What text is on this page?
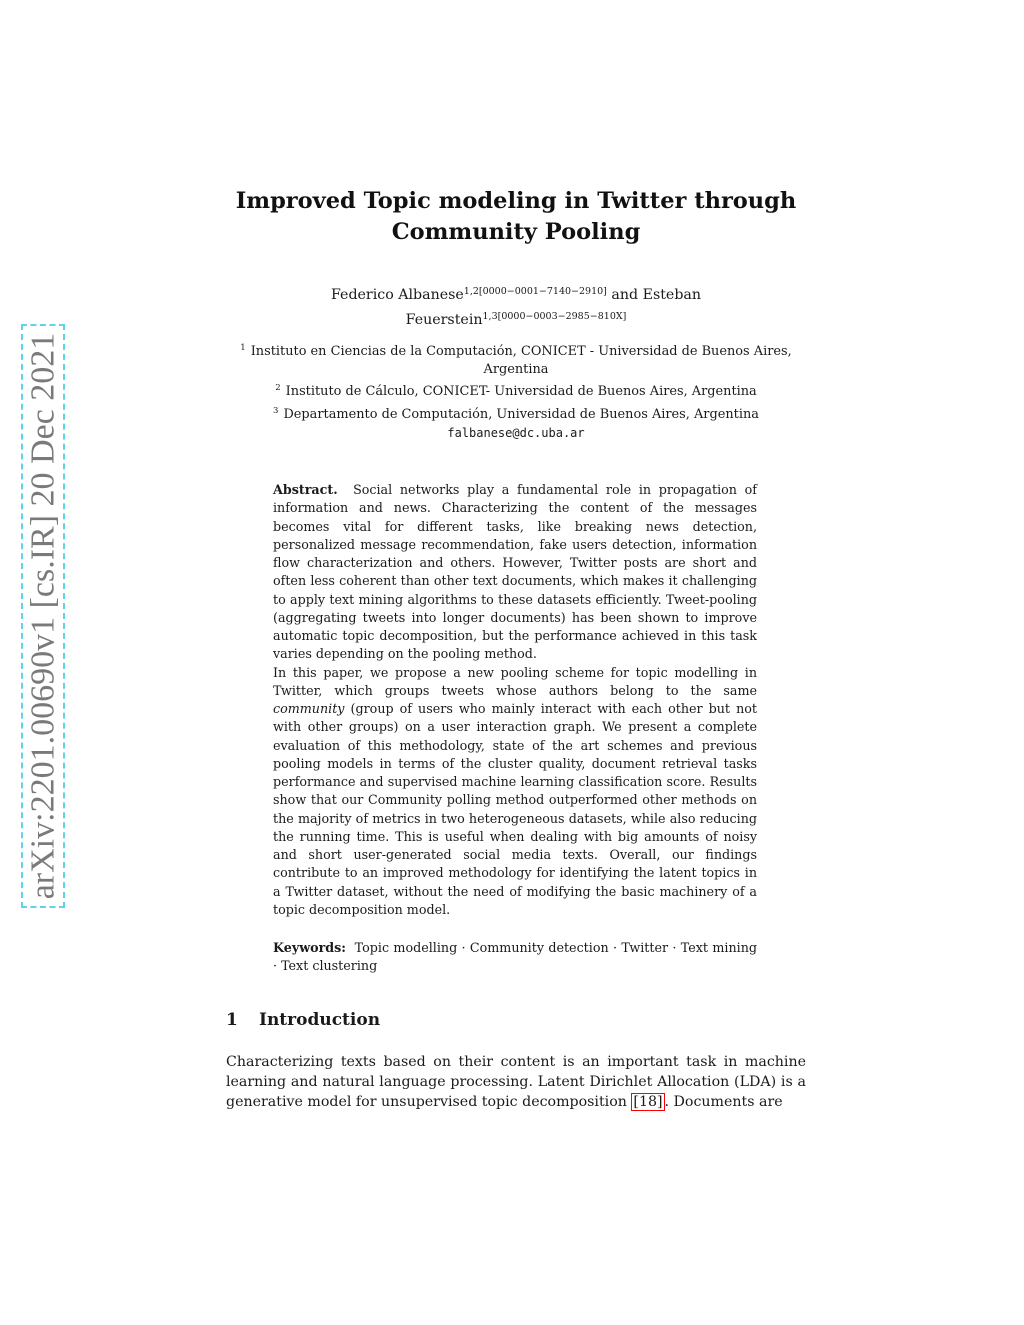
arXiv:2201.00690v1 [cs.IR] 20 Dec 2021
Improved Topic modeling in Twitter through Community Pooling
Federico Albanese$^{1,2[0000-0001-7140-2910]}$ and Esteban
Feuerstein$^{1,3[0000-0003-2985-810X]}$
$^1$ Instituto en Ciencias de la Computación, CONICET - Universidad de Buenos Aires, Argentina
$^2$ Instituto de Cálculo, CONICET- Universidad de Buenos Aires, Argentina
$^3$ Departamento de Computación, Universidad de Buenos Aires, Argentina
falbanese@dc.uba.ar

Abstract. Social networks play a fundamental role in propagation of information and news. Characterizing the content of the messages becomes vital for different tasks, like breaking news detection, personalized message recommendation, fake users detection, information flow characterization and others. However, Twitter posts are short and often less coherent than other text documents, which makes it challenging to apply text mining algorithms to these datasets efficiently. Tweet-pooling (aggregating tweets into longer documents) has been shown to improve automatic topic decomposition, but the performance achieved in this task varies depending on the pooling method.

In this paper, we propose a new pooling scheme for topic modelling in Twitter, which groups tweets whose authors belong to the same community (group of users who mainly interact with each other but not with other groups) on a user interaction graph. We present a complete evaluation of this methodology, state of the art schemes and previous pooling models in terms of the cluster quality, document retrieval tasks performance and supervised machine learning classification score. Results show that our Community polling method outperformed other methods on the majority of metrics in two heterogeneous datasets, while also reducing the running time. This is useful when dealing with big amounts of noisy and short user-generated social media texts. Overall, our findings contribute to an improved methodology for identifying the latent topics in a Twitter dataset, without the need of modifying the basic machinery of a topic decomposition model.

Keywords: Topic modelling · Community detection · Twitter · Text mining · Text clustering
1 Introduction
Characterizing texts based on their content is an important task in machine learning and natural language processing. Latent Dirichlet Allocation (LDA) is a generative model for unsupervised topic decomposition [18] . Documents are
